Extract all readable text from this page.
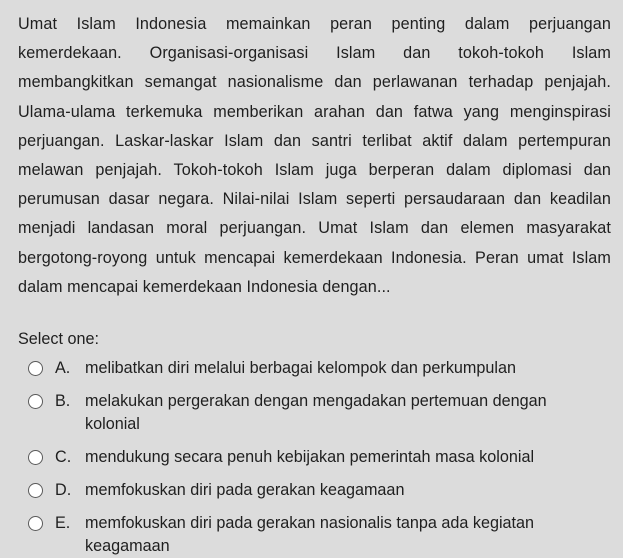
Umat Islam Indonesia memainkan peran penting dalam perjuangan kemerdekaan. Organisasi-organisasi Islam dan tokoh-tokoh Islam membangkitkan semangat nasionalisme dan perlawanan terhadap penjajah. Ulama-ulama terkemuka memberikan arahan dan fatwa yang menginspirasi perjuangan. Laskar-laskar Islam dan santri terlibat aktif dalam pertempuran melawan penjajah. Tokoh-tokoh Islam juga berperan dalam diplomasi dan perumusan dasar negara. Nilai-nilai Islam seperti persaudaraan dan keadilan menjadi landasan moral perjuangan. Umat Islam dan elemen masyarakat bergotong-royong untuk mencapai kemerdekaan Indonesia. Peran umat Islam dalam mencapai kemerdekaan Indonesia dengan...

Select one:
A. melibatkan diri melalui berbagai kelompok dan perkumpulan
B. melakukan pergerakan dengan mengadakan pertemuan dengan kolonial
C. mendukung secara penuh kebijakan pemerintah masa kolonial
D. memfokuskan diri pada gerakan keagamaan
E. memfokuskan diri pada gerakan nasionalis tanpa ada kegiatan keagamaan
